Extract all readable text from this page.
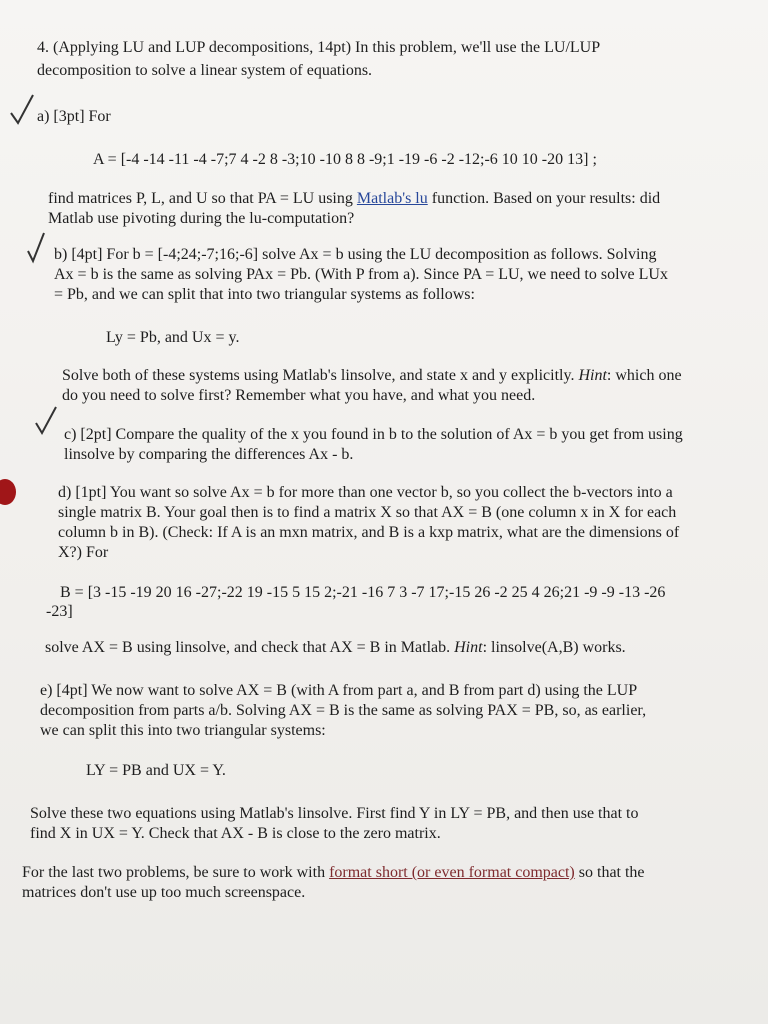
4. (Applying LU and LUP decompositions, 14pt) In this problem, we'll use the LU/LUP

decomposition to solve a linear system of equations.

a) [3pt] For

A = [-4 -14 -11 -4 -7;7 4 -2 8 -3;10 -10 8 8 -9;1 -19 -6 -2 -12;-6 10 10 -20 13] ;

find matrices P, L, and U so that PA = LU using Matlab's lu function. Based on your results: did

Matlab use pivoting during the lu-computation?

b) [4pt] For b = [-4;24;-7;16;-6] solve Ax = b using the LU decomposition as follows. Solving

Ax = b is the same as solving PAx = Pb. (With P from a). Since PA = LU, we need to solve LUx

= Pb, and we can split that into two triangular systems as follows:

Ly = Pb, and Ux = y.

Solve both of these systems using Matlab's linsolve, and state x and y explicitly. Hint: which one

do you need to solve first? Remember what you have, and what you need.

c) [2pt] Compare the quality of the x you found in b to the solution of Ax = b you get from using

linsolve by comparing the differences Ax - b.

d) [1pt] You want so solve Ax = b for more than one vector b, so you collect the b-vectors into a

single matrix B. Your goal then is to find a matrix X so that AX = B (one column x in X for each

column b in B). (Check: If A is an mxn matrix, and B is a kxp matrix, what are the dimensions of

X?) For

B = [3 -15 -19 20 16 -27;-22 19 -15 5 15 2;-21 -16 7 3 -7 17;-15 26 -2 25 4 26;21 -9 -9 -13 -26

-23]

solve AX = B using linsolve, and check that AX = B in Matlab. Hint: linsolve(A,B) works.

e) [4pt] We now want to solve AX = B (with A from part a, and B from part d) using the LUP

decomposition from parts a/b. Solving AX = B is the same as solving PAX = PB, so, as earlier,

we can split this into two triangular systems:

LY = PB and UX = Y.

Solve these two equations using Matlab's linsolve. First find Y in LY = PB, and then use that to

find X in UX = Y. Check that AX - B is close to the zero matrix.

For the last two problems, be sure to work with format short (or even format compact) so that the

matrices don't use up too much screenspace.
